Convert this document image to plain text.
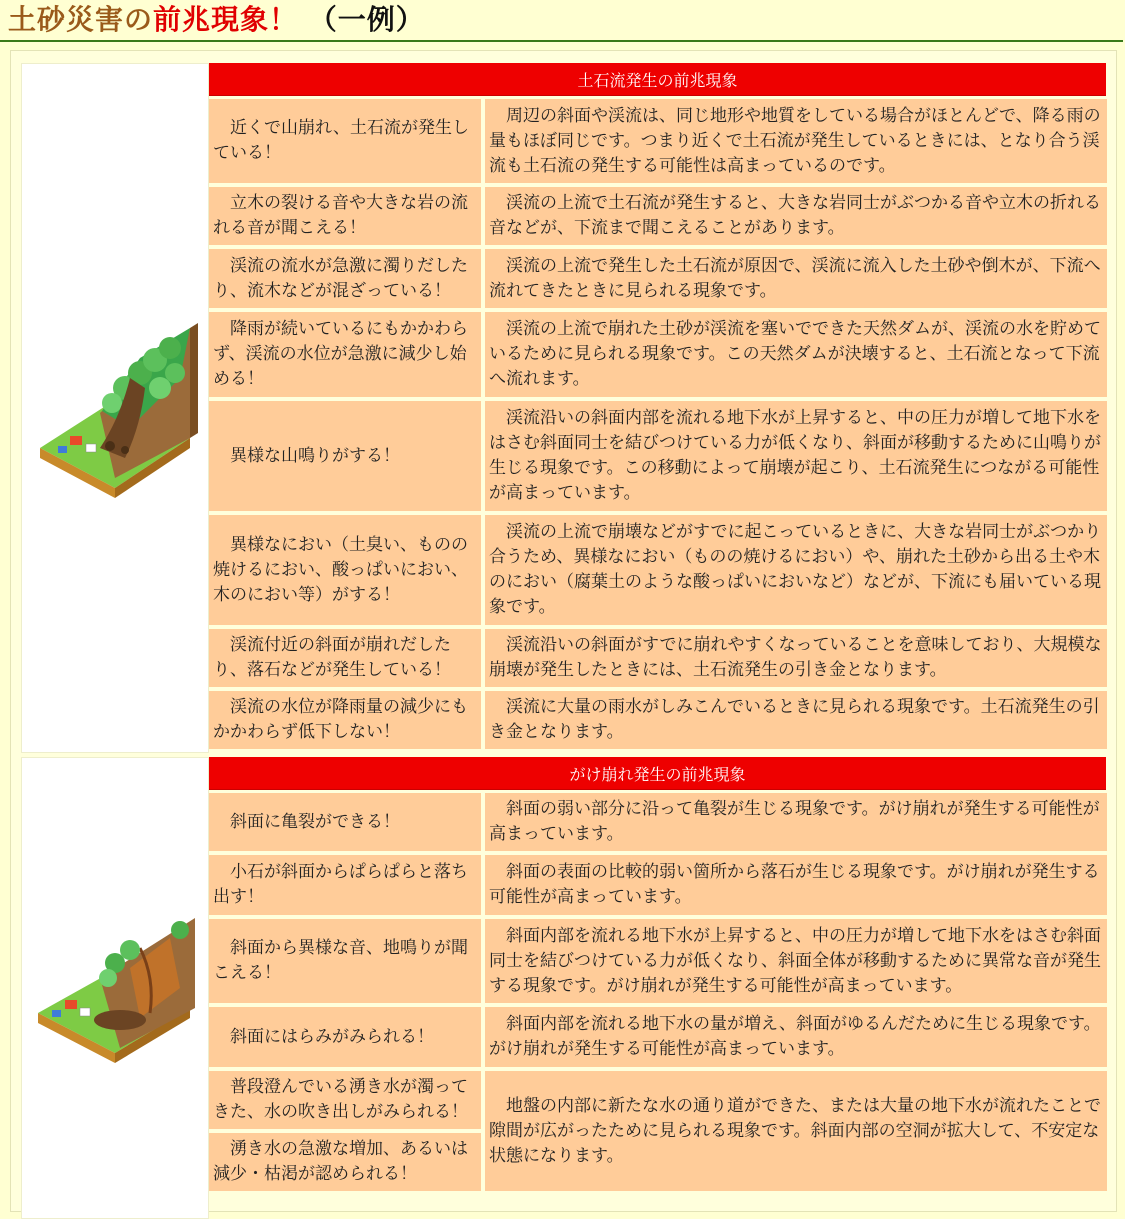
土砂災害の前兆現象！ （一例）
土石流発生の前兆現象
近くで山崩れ、土石流が発生している！
周辺の斜面や渓流は、同じ地形や地質をしている場合がほとんどで、降る雨の量もほぼ同じです。つまり近くで土石流が発生しているときには、となり合う渓流も土石流の発生する可能性は高まっているのです。
立木の裂ける音や大きな岩の流れる音が聞こえる！
渓流の上流で土石流が発生すると、大きな岩同士がぶつかる音や立木の折れる音などが、下流まで聞こえることがあります。
渓流の流水が急激に濁りだしたり、流木などが混ざっている！
渓流の上流で発生した土石流が原因で、渓流に流入した土砂や倒木が、下流へ流れてきたときに見られる現象です。
降雨が続いているにもかかわらず、渓流の水位が急激に減少し始める！
渓流の上流で崩れた土砂が渓流を塞いでできた天然ダムが、渓流の水を貯めているために見られる現象です。この天然ダムが決壊すると、土石流となって下流へ流れます。
異様な山鳴りがする！
渓流沿いの斜面内部を流れる地下水が上昇すると、中の圧力が増して地下水をはさむ斜面同士を結びつけている力が低くなり、斜面が移動するために山鳴りが生じる現象です。この移動によって崩壊が起こり、土石流発生につながる可能性が高まっています。
異様なにおい（土臭い、ものの焼けるにおい、酸っぱいにおい、木のにおい等）がする！
渓流の上流で崩壊などがすでに起こっているときに、大きな岩同士がぶつかり合うため、異様なにおい（ものの焼けるにおい）や、崩れた土砂から出る土や木のにおい（腐葉土のような酸っぱいにおいなど）などが、下流にも届いている現象です。
渓流付近の斜面が崩れだしたり、落石などが発生している！
渓流沿いの斜面がすでに崩れやすくなっていることを意味しており、大規模な崩壊が発生したときには、土石流発生の引き金となります。
渓流の水位が降雨量の減少にもかかわらず低下しない！
渓流に大量の雨水がしみこんでいるときに見られる現象です。土石流発生の引き金となります。
がけ崩れ発生の前兆現象
斜面に亀裂ができる！
斜面の弱い部分に沿って亀裂が生じる現象です。がけ崩れが発生する可能性が高まっています。
小石が斜面からぱらぱらと落ち出す！
斜面の表面の比較的弱い箇所から落石が生じる現象です。がけ崩れが発生する可能性が高まっています。
斜面から異様な音、地鳴りが聞こえる！
斜面内部を流れる地下水が上昇すると、中の圧力が増して地下水をはさむ斜面同士を結びつけている力が低くなり、斜面全体が移動するために異常な音が発生する現象です。がけ崩れが発生する可能性が高まっています。
斜面にはらみがみられる！
斜面内部を流れる地下水の量が増え、斜面がゆるんだために生じる現象です。がけ崩れが発生する可能性が高まっています。
普段澄んでいる湧き水が濁ってきた、水の吹き出しがみられる！
湧き水の急激な増加、あるいは減少・枯渇が認められる！
地盤の内部に新たな水の通り道ができた、または大量の地下水が流れたことで隙間が広がったために見られる現象です。斜面内部の空洞が拡大して、不安定な状態になります。
